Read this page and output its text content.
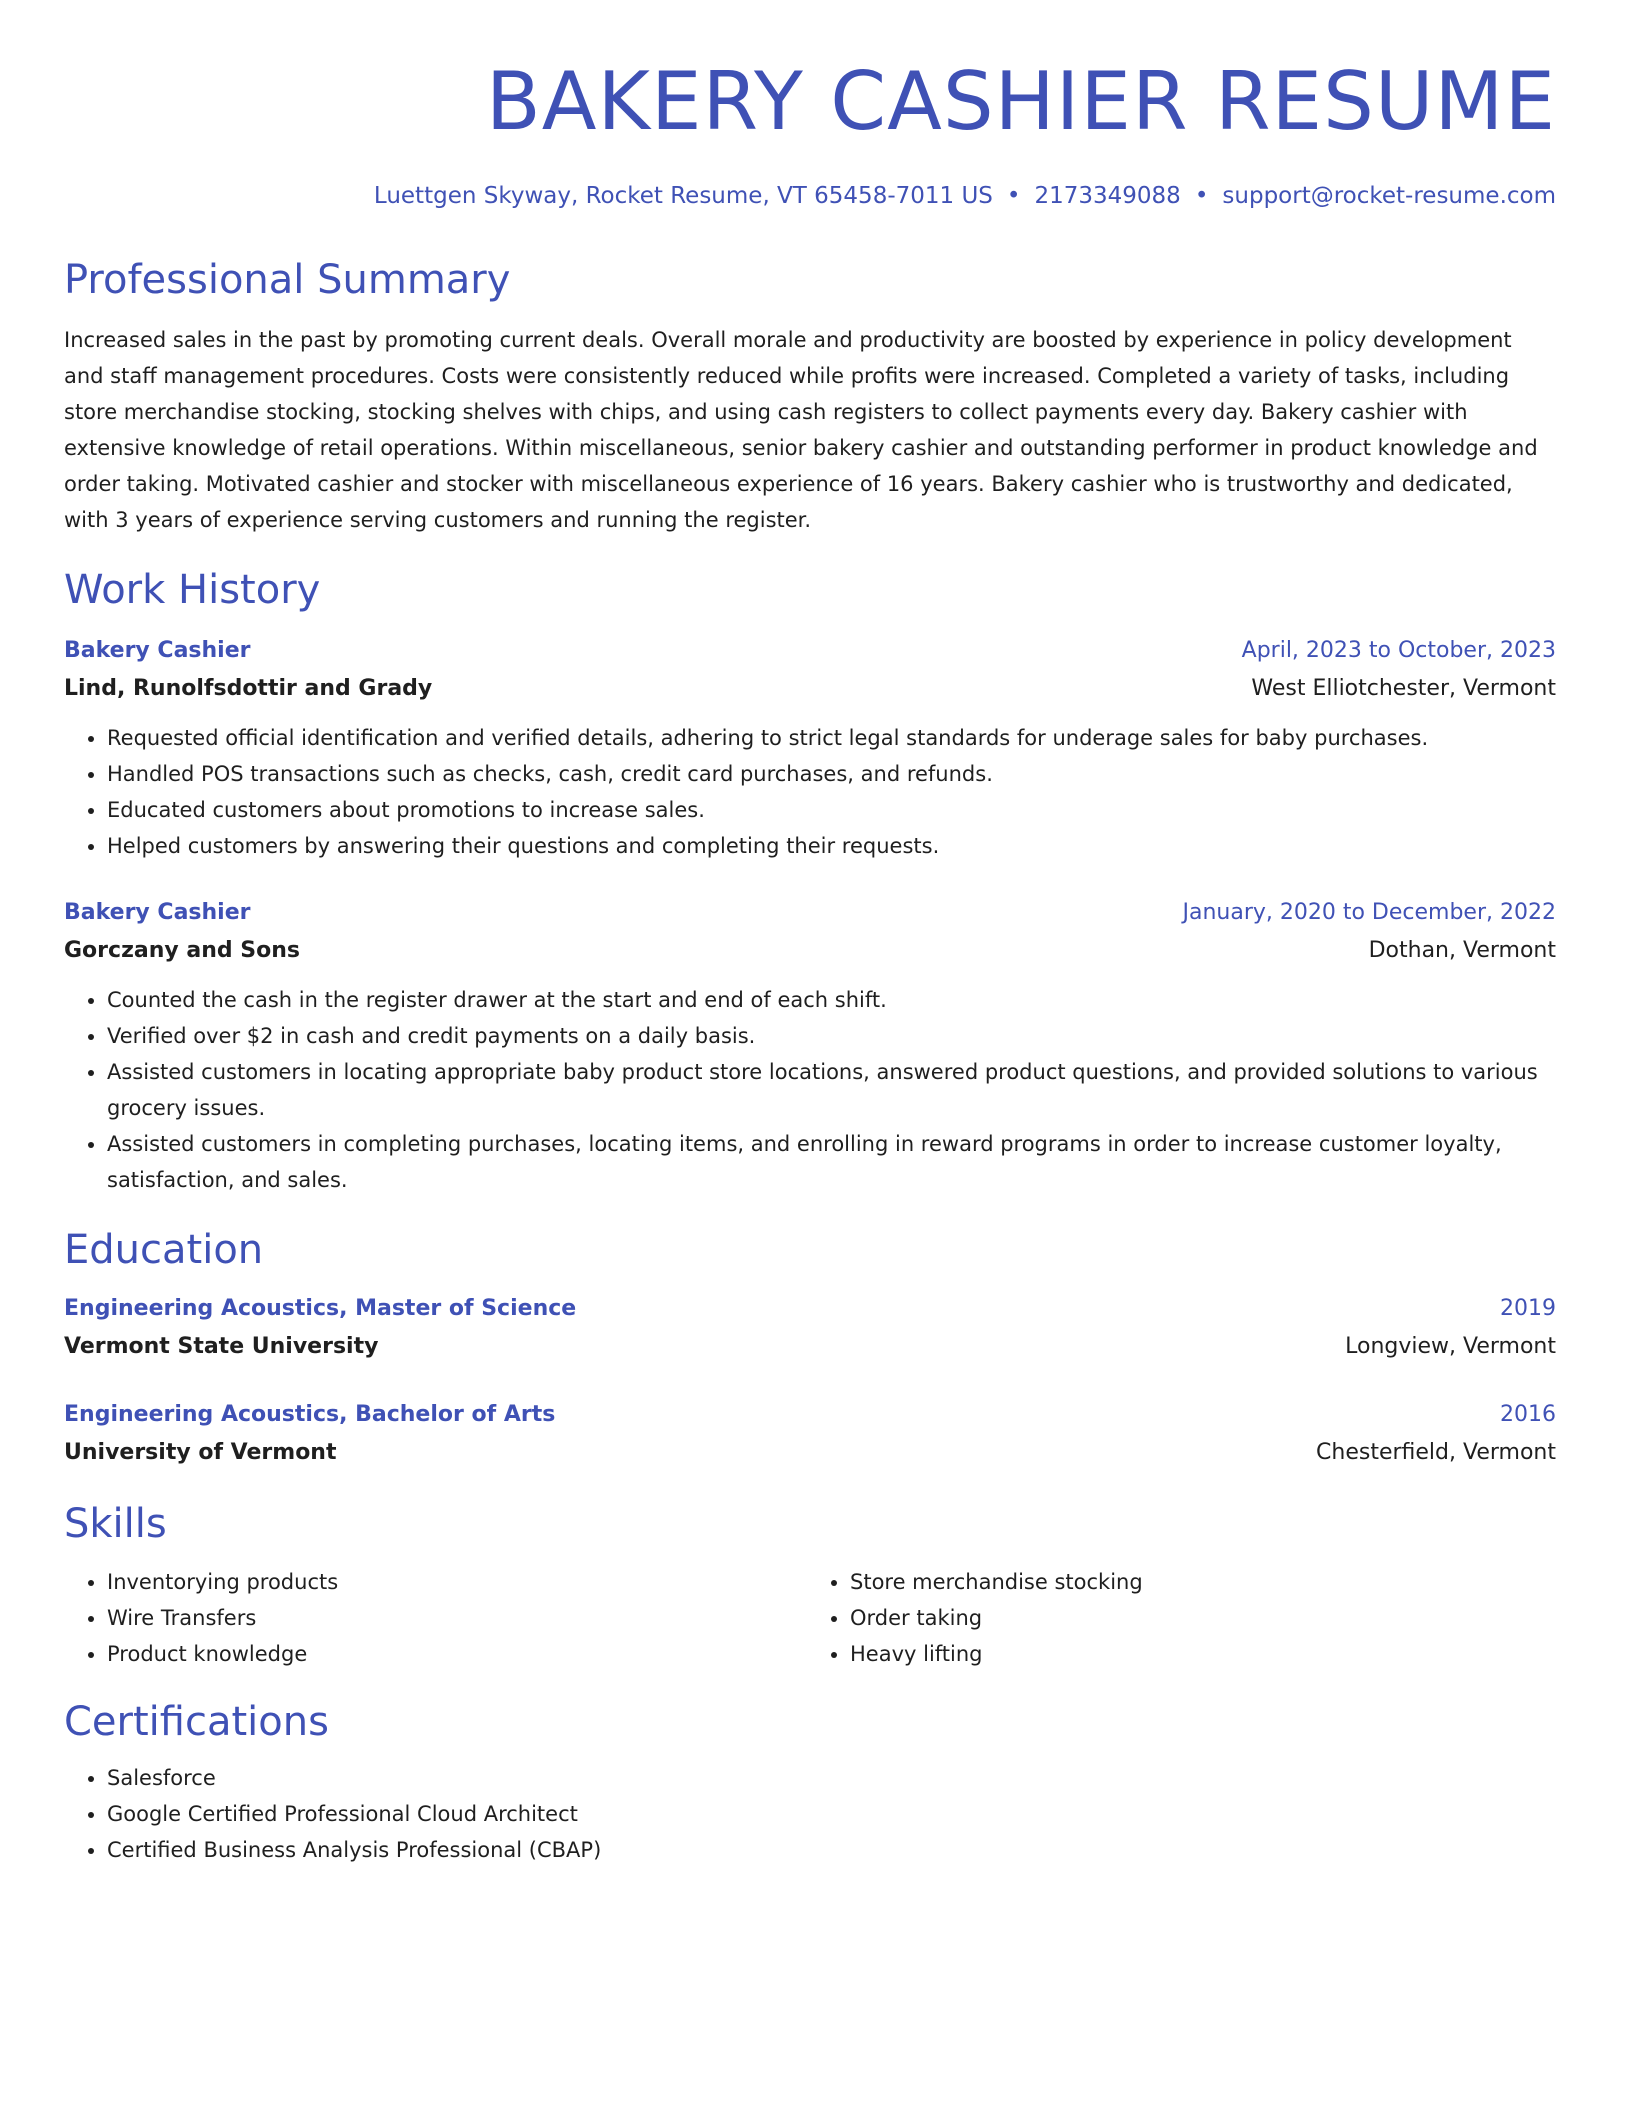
BAKERY CASHIER RESUME
Luettgen Skyway, Rocket Resume, VT 65458-7011 US • 2173349088 • support@rocket-resume.com
Professional Summary
Increased sales in the past by promoting current deals. Overall morale and productivity are boosted by experience in policy development and staff management procedures. Costs were consistently reduced while profits were increased. Completed a variety of tasks, including store merchandise stocking, stocking shelves with chips, and using cash registers to collect payments every day. Bakery cashier with extensive knowledge of retail operations. Within miscellaneous, senior bakery cashier and outstanding performer in product knowledge and order taking. Motivated cashier and stocker with miscellaneous experience of 16 years. Bakery cashier who is trustworthy and dedicated, with 3 years of experience serving customers and running the register.
Work History
Bakery Cashier	April, 2023 to October, 2023
Lind, Runolfsdottir and Grady	West Elliotchester, Vermont
• Requested official identification and verified details, adhering to strict legal standards for underage sales for baby purchases.
• Handled POS transactions such as checks, cash, credit card purchases, and refunds.
• Educated customers about promotions to increase sales.
• Helped customers by answering their questions and completing their requests.
Bakery Cashier	January, 2020 to December, 2022
Gorczany and Sons	Dothan, Vermont
• Counted the cash in the register drawer at the start and end of each shift.
• Verified over $2 in cash and credit payments on a daily basis.
• Assisted customers in locating appropriate baby product store locations, answered product questions, and provided solutions to various grocery issues.
• Assisted customers in completing purchases, locating items, and enrolling in reward programs in order to increase customer loyalty, satisfaction, and sales.
Education
Engineering Acoustics, Master of Science	2019
Vermont State University	Longview, Vermont
Engineering Acoustics, Bachelor of Arts	2016
University of Vermont	Chesterfield, Vermont
Skills
• Inventorying products
• Wire Transfers
• Product knowledge
• Store merchandise stocking
• Order taking
• Heavy lifting
Certifications
• Salesforce
• Google Certified Professional Cloud Architect
• Certified Business Analysis Professional (CBAP)
